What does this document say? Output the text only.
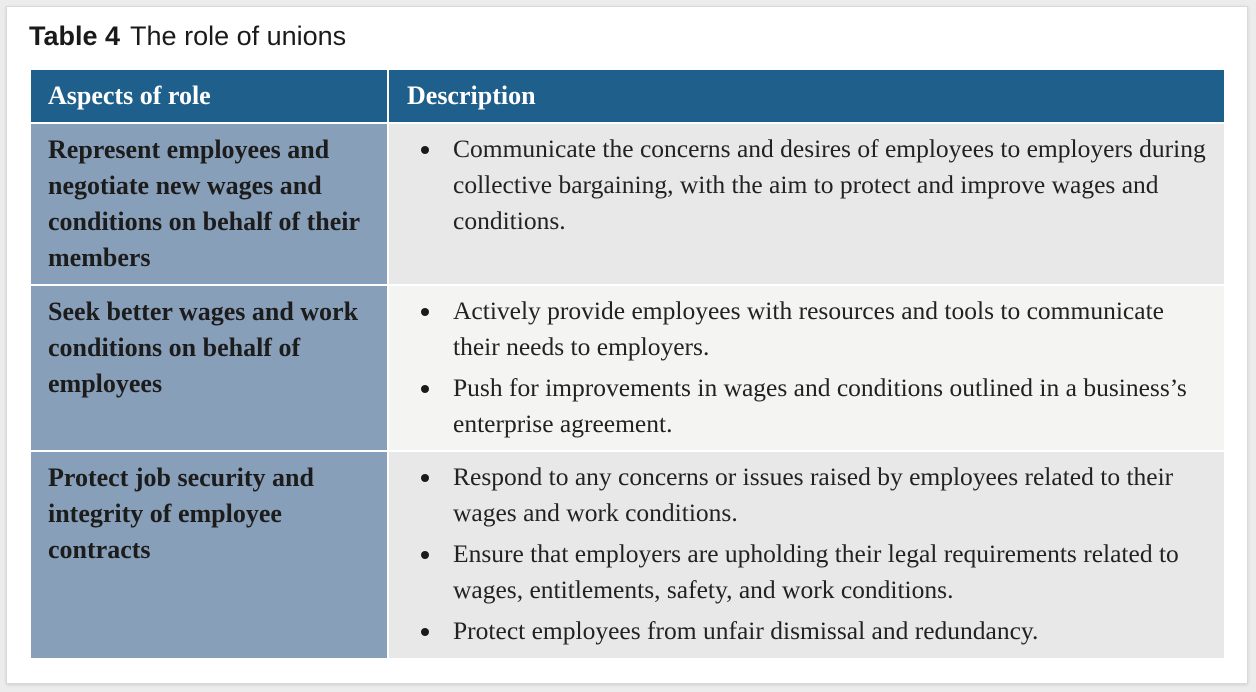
Table 4 The role of unions
Aspects of role	Description
Represent employees and negotiate new wages and conditions on behalf of their members
Communicate the concerns and desires of employees to employers during collective bargaining, with the aim to protect and improve wages and conditions.
Seek better wages and work conditions on behalf of employees
Actively provide employees with resources and tools to communicate their needs to employers.
Push for improvements in wages and conditions outlined in a business’s enterprise agreement.
Protect job security and integrity of employee contracts
Respond to any concerns or issues raised by employees related to their wages and work conditions.
Ensure that employers are upholding their legal requirements related to wages, entitlements, safety, and work conditions.
Protect employees from unfair dismissal and redundancy.
